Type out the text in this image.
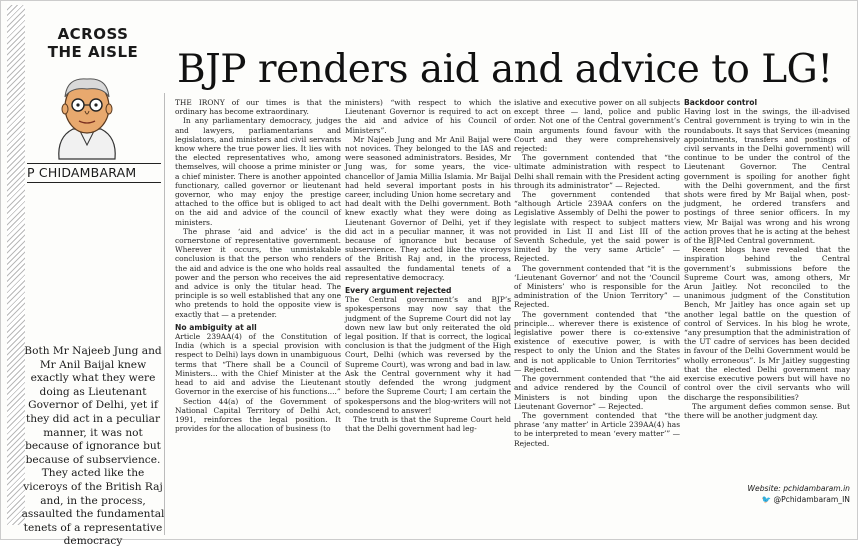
ACROSS
THE AISLE
P CHIDAMBARAM
Both Mr Najeeb Jung and Mr Anil Baijal knew exactly what they were doing as Lieutenant Governor of Delhi, yet if they did act in a peculiar manner, it was not because of ignorance but because of subservience. They acted like the viceroys of the British Raj and, in the process, assaulted the fundamental tenets of a representative democracy
BJP renders aid and advice to LG!

THE IRONY of our times is that the ordinary has become extraordinary.

In any parliamentary democracy, judges and lawyers, parliamentarians and legislators, and ministers and civil servants know where the true power lies. It lies with the elected representatives who, among themselves, will choose a prime minister or a chief minister. There is another appointed functionary, called governor or lieutenant governor, who may enjoy the prestige attached to the office but is obliged to act on the aid and advice of the council of ministers.

The phrase ‘aid and advice’ is the cornerstone of representative government. Wherever it occurs, the unmistakable conclusion is that the person who renders the aid and advice is the one who holds real power and the person who receives the aid and advice is only the titular head. The principle is so well established that any one who pretends to hold the opposite view is exactly that — a pretender.

No ambiguity at all

Article 239AA(4) of the Constitution of India (which is a special provision with respect to Delhi) lays down in unambiguous terms that “There shall be a Council of Ministers... with the Chief Minister at the head to aid and advise the Lieutenant Governor in the exercise of his functions....”

Section 44(a) of the Government of National Capital Territory of Delhi Act, 1991, reinforces the legal position. It provides for the allocation of business (to

ministers) “with respect to which the Lieutenant Governor is required to act on the aid and advice of his Council of Ministers”.

Mr Najeeb Jung and Mr Anil Baijal were not novices. They belonged to the IAS and were seasoned administrators. Besides, Mr Jung was, for some years, the vice-chancellor of Jamia Millia Islamia. Mr Baijal had held several important posts in his career, including Union home secretary and had dealt with the Delhi government. Both knew exactly what they were doing as Lieutenant Governor of Delhi, yet if they did act in a peculiar manner, it was not because of ignorance but because of subservience. They acted like the viceroys of the British Raj and, in the process, assaulted the fundamental tenets of a representative democracy.

Every argument rejected

The Central government’s and BJP’s spokespersons may now say that the judgment of the Supreme Court did not lay down new law but only reiterated the old legal position. If that is correct, the logical conclusion is that the judgment of the High Court, Delhi (which was reversed by the Supreme Court), was wrong and bad in law. Ask the Central government why it had stoutly defended the wrong judgment before the Supreme Court; I am certain the spokespersons and the blog-writers will not condescend to answer!

The truth is that the Supreme Court held that the Delhi government had leg-

islative and executive power on all subjects except three — land, police and public order. Not one of the Central government’s main arguments found favour with the Court and they were comprehensively rejected:

The government contended that “the ultimate administration with respect to Delhi shall remain with the President acting through its administrator” — Rejected.

The government contended that “although Article 239AA confers on the Legislative Assembly of Delhi the power to legislate with respect to subject matters provided in List II and List III of the Seventh Schedule, yet the said power is limited by the very same Article” — Rejected.

The government contended that “it is the ‘Lieutenant Governor’ and not the ‘Council of Ministers’ who is responsible for the administration of the Union Territory” — Rejected.

The government contended that “the principle... wherever there is existence of legislative power there is co-extensive existence of executive power, is with respect to only the Union and the States and is not applicable to Union Territories” — Rejected.

The government contended that “the aid and advice rendered by the Council of Ministers is not binding upon the Lieutenant Governor” — Rejected.

The government contended that “the phrase ‘any matter’ in Article 239AA(4) has to be interpreted to mean ‘every matter’” — Rejected.

Backdoor control

Having lost in the swings, the ill-advised Central government is trying to win in the roundabouts. It says that Services (meaning appointments, transfers and postings of civil servants in the Delhi government) will continue to be under the control of the Lieutenant Governor. The Central government is spoiling for another fight with the Delhi government, and the first shots were fired by Mr Baijal when, post-judgment, he ordered transfers and postings of three senior officers. In my view, Mr Baijal was wrong and his wrong action proves that he is acting at the behest of the BJP-led Central government.

Recent blogs have revealed that the inspiration behind the Central government’s submissions before the Supreme Court was, among others, Mr Arun Jaitley. Not reconciled to the unanimous judgment of the Constitution Bench, Mr Jaitley has once again set up another legal battle on the question of control of Services. In his blog he wrote, “any presumption that the administration of the UT cadre of services has been decided in favour of the Delhi Government would be wholly erroneous”. Is Mr Jaitley suggesting that the elected Delhi government may exercise executive powers but will have no control over the civil servants who will discharge the responsibilities?

The argument defies common sense. But there will be another judgment day.

Website: pchidambaram.in
🐦 @Pchidambaram_IN
